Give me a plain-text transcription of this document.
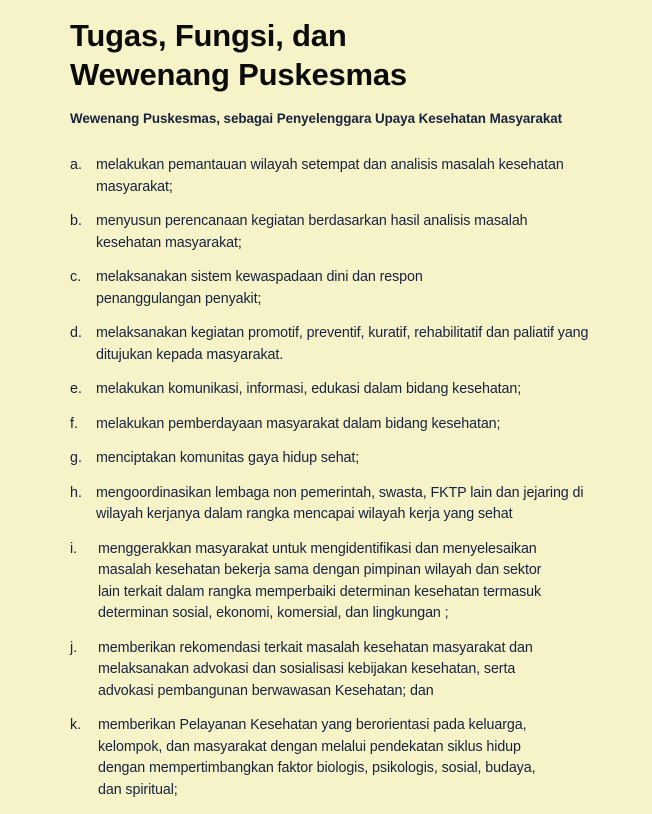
Tugas, Fungsi, dan
Wewenang Puskesmas
Wewenang Puskesmas, sebagai Penyelenggara Upaya Kesehatan Masyarakat
a. melakukan pemantauan wilayah setempat dan analisis masalah kesehatan masyarakat;
b. menyusun perencanaan kegiatan berdasarkan hasil analisis masalah kesehatan masyarakat;
c.	melaksanakan sistem kewaspadaan dini dan respon penanggulangan penyakit;
d. melaksanakan kegiatan promotif, preventif, kuratif, rehabilitatif dan paliatif yang ditujukan kepada masyarakat.
e. melakukan komunikasi, informasi, edukasi dalam bidang kesehatan;
f.	melakukan pemberdayaan masyarakat dalam bidang kesehatan;
g. menciptakan komunitas gaya hidup sehat;
h. mengoordinasikan lembaga non pemerintah, swasta, FKTP lain dan jejaring di wilayah kerjanya dalam rangka mencapai wilayah kerja yang sehat
i.	menggerakkan masyarakat untuk mengidentifikasi dan menyelesaikan masalah kesehatan bekerja sama dengan pimpinan wilayah dan sektor lain terkait dalam rangka memperbaiki determinan kesehatan termasuk determinan sosial, ekonomi, komersial, dan lingkungan ;
j.	memberikan rekomendasi terkait masalah kesehatan masyarakat dan melaksanakan advokasi dan sosialisasi kebijakan kesehatan, serta advokasi pembangunan berwawasan Kesehatan; dan
k.	memberikan Pelayanan Kesehatan yang berorientasi pada keluarga, kelompok, dan masyarakat dengan melalui pendekatan siklus hidup dengan mempertimbangkan faktor biologis, psikologis, sosial, budaya, dan spiritual;
